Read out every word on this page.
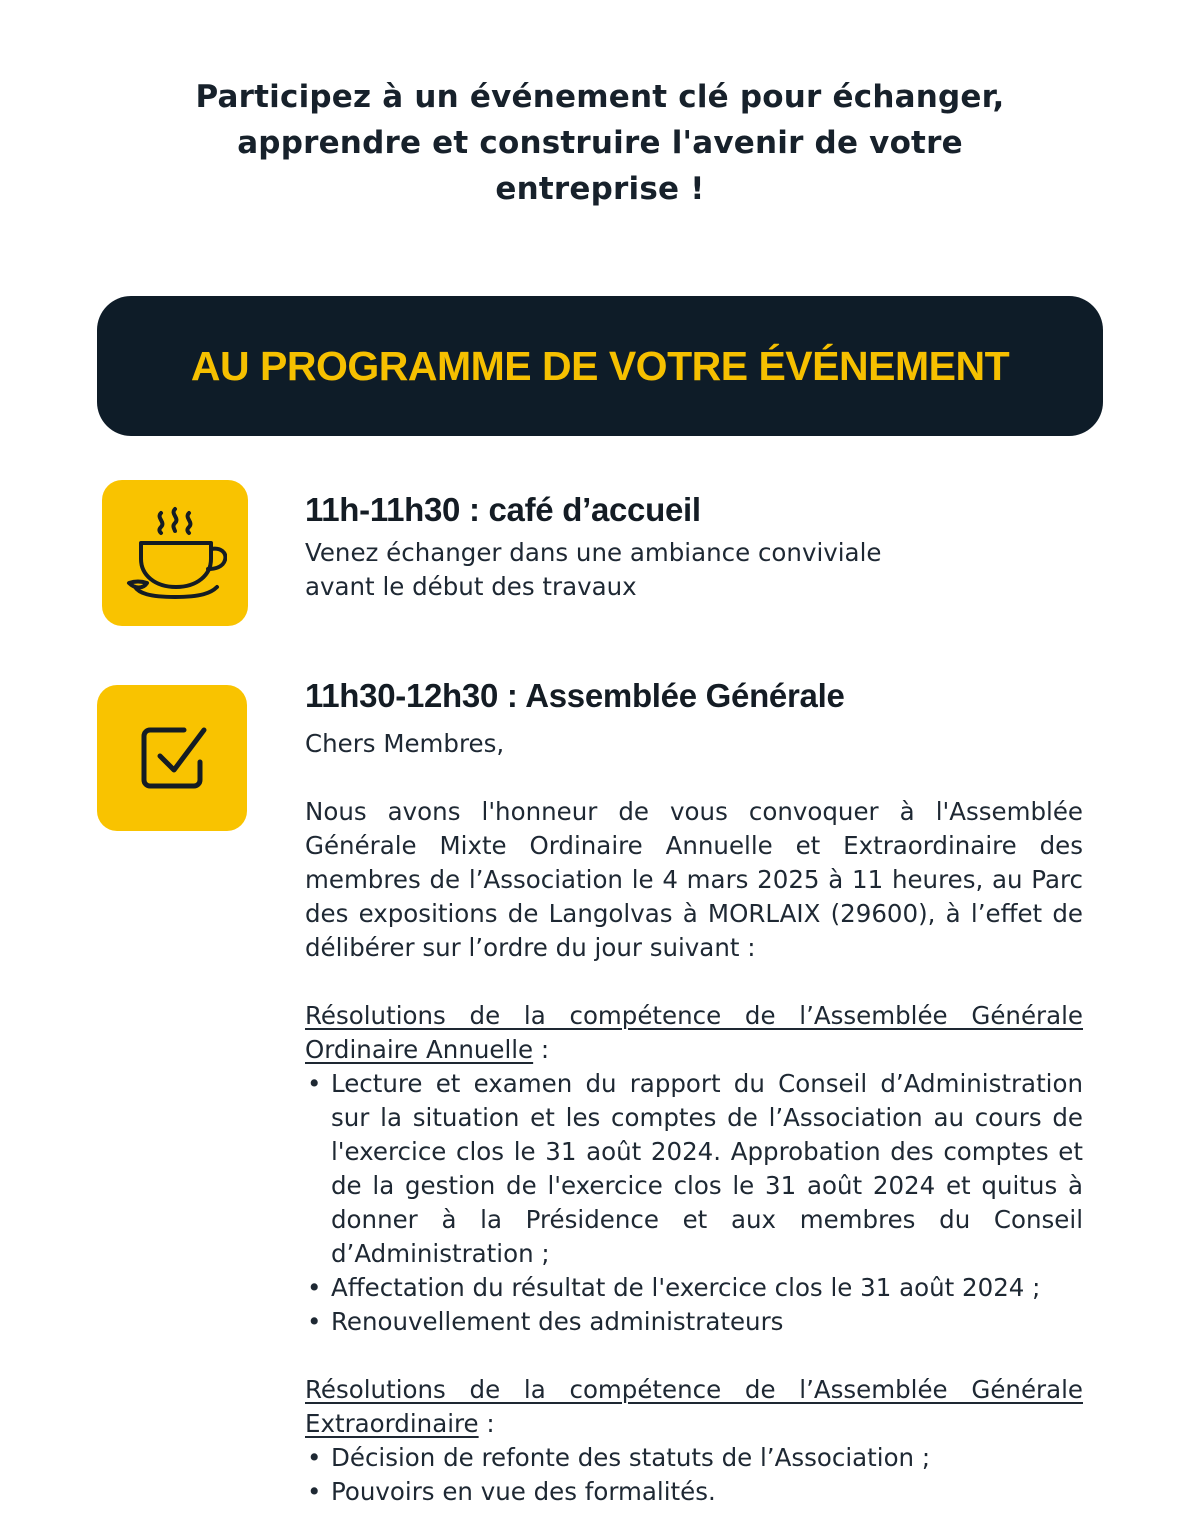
Participez à un événement clé pour échanger,
apprendre et construire l'avenir de votre
entreprise !
AU PROGRAMME DE VOTRE ÉVÉNEMENT
11h-11h30 : café d’accueil
Venez échanger dans une ambiance conviviale
avant le début des travaux
11h30-12h30 : Assemblée Générale

Chers Membres,

Nous avons l'honneur de vous convoquer à l'Assemblée Générale Mixte Ordinaire Annuelle et Extraordinaire des membres de l’Association le 4 mars 2025 à 11 heures, au Parc des expositions de Langolvas à MORLAIX (29600), à l’effet de délibérer sur l’ordre du jour suivant :

Résolutions de la compétence de l’Assemblée Générale Ordinaire Annuelle :

• Lecture et examen du rapport du Conseil d’Administration sur la situation et les comptes de l’Association au cours de l'exercice clos le 31 août 2024. Approbation des comptes et de la gestion de l'exercice clos le 31 août 2024 et quitus à donner à la Présidence et aux membres du Conseil d’Administration ;
• Affectation du résultat de l'exercice clos le 31 août 2024 ;
• Renouvellement des administrateurs

Résolutions de la compétence de l’Assemblée Générale Extraordinaire :

• Décision de refonte des statuts de l’Association ;
• Pouvoirs en vue des formalités.
